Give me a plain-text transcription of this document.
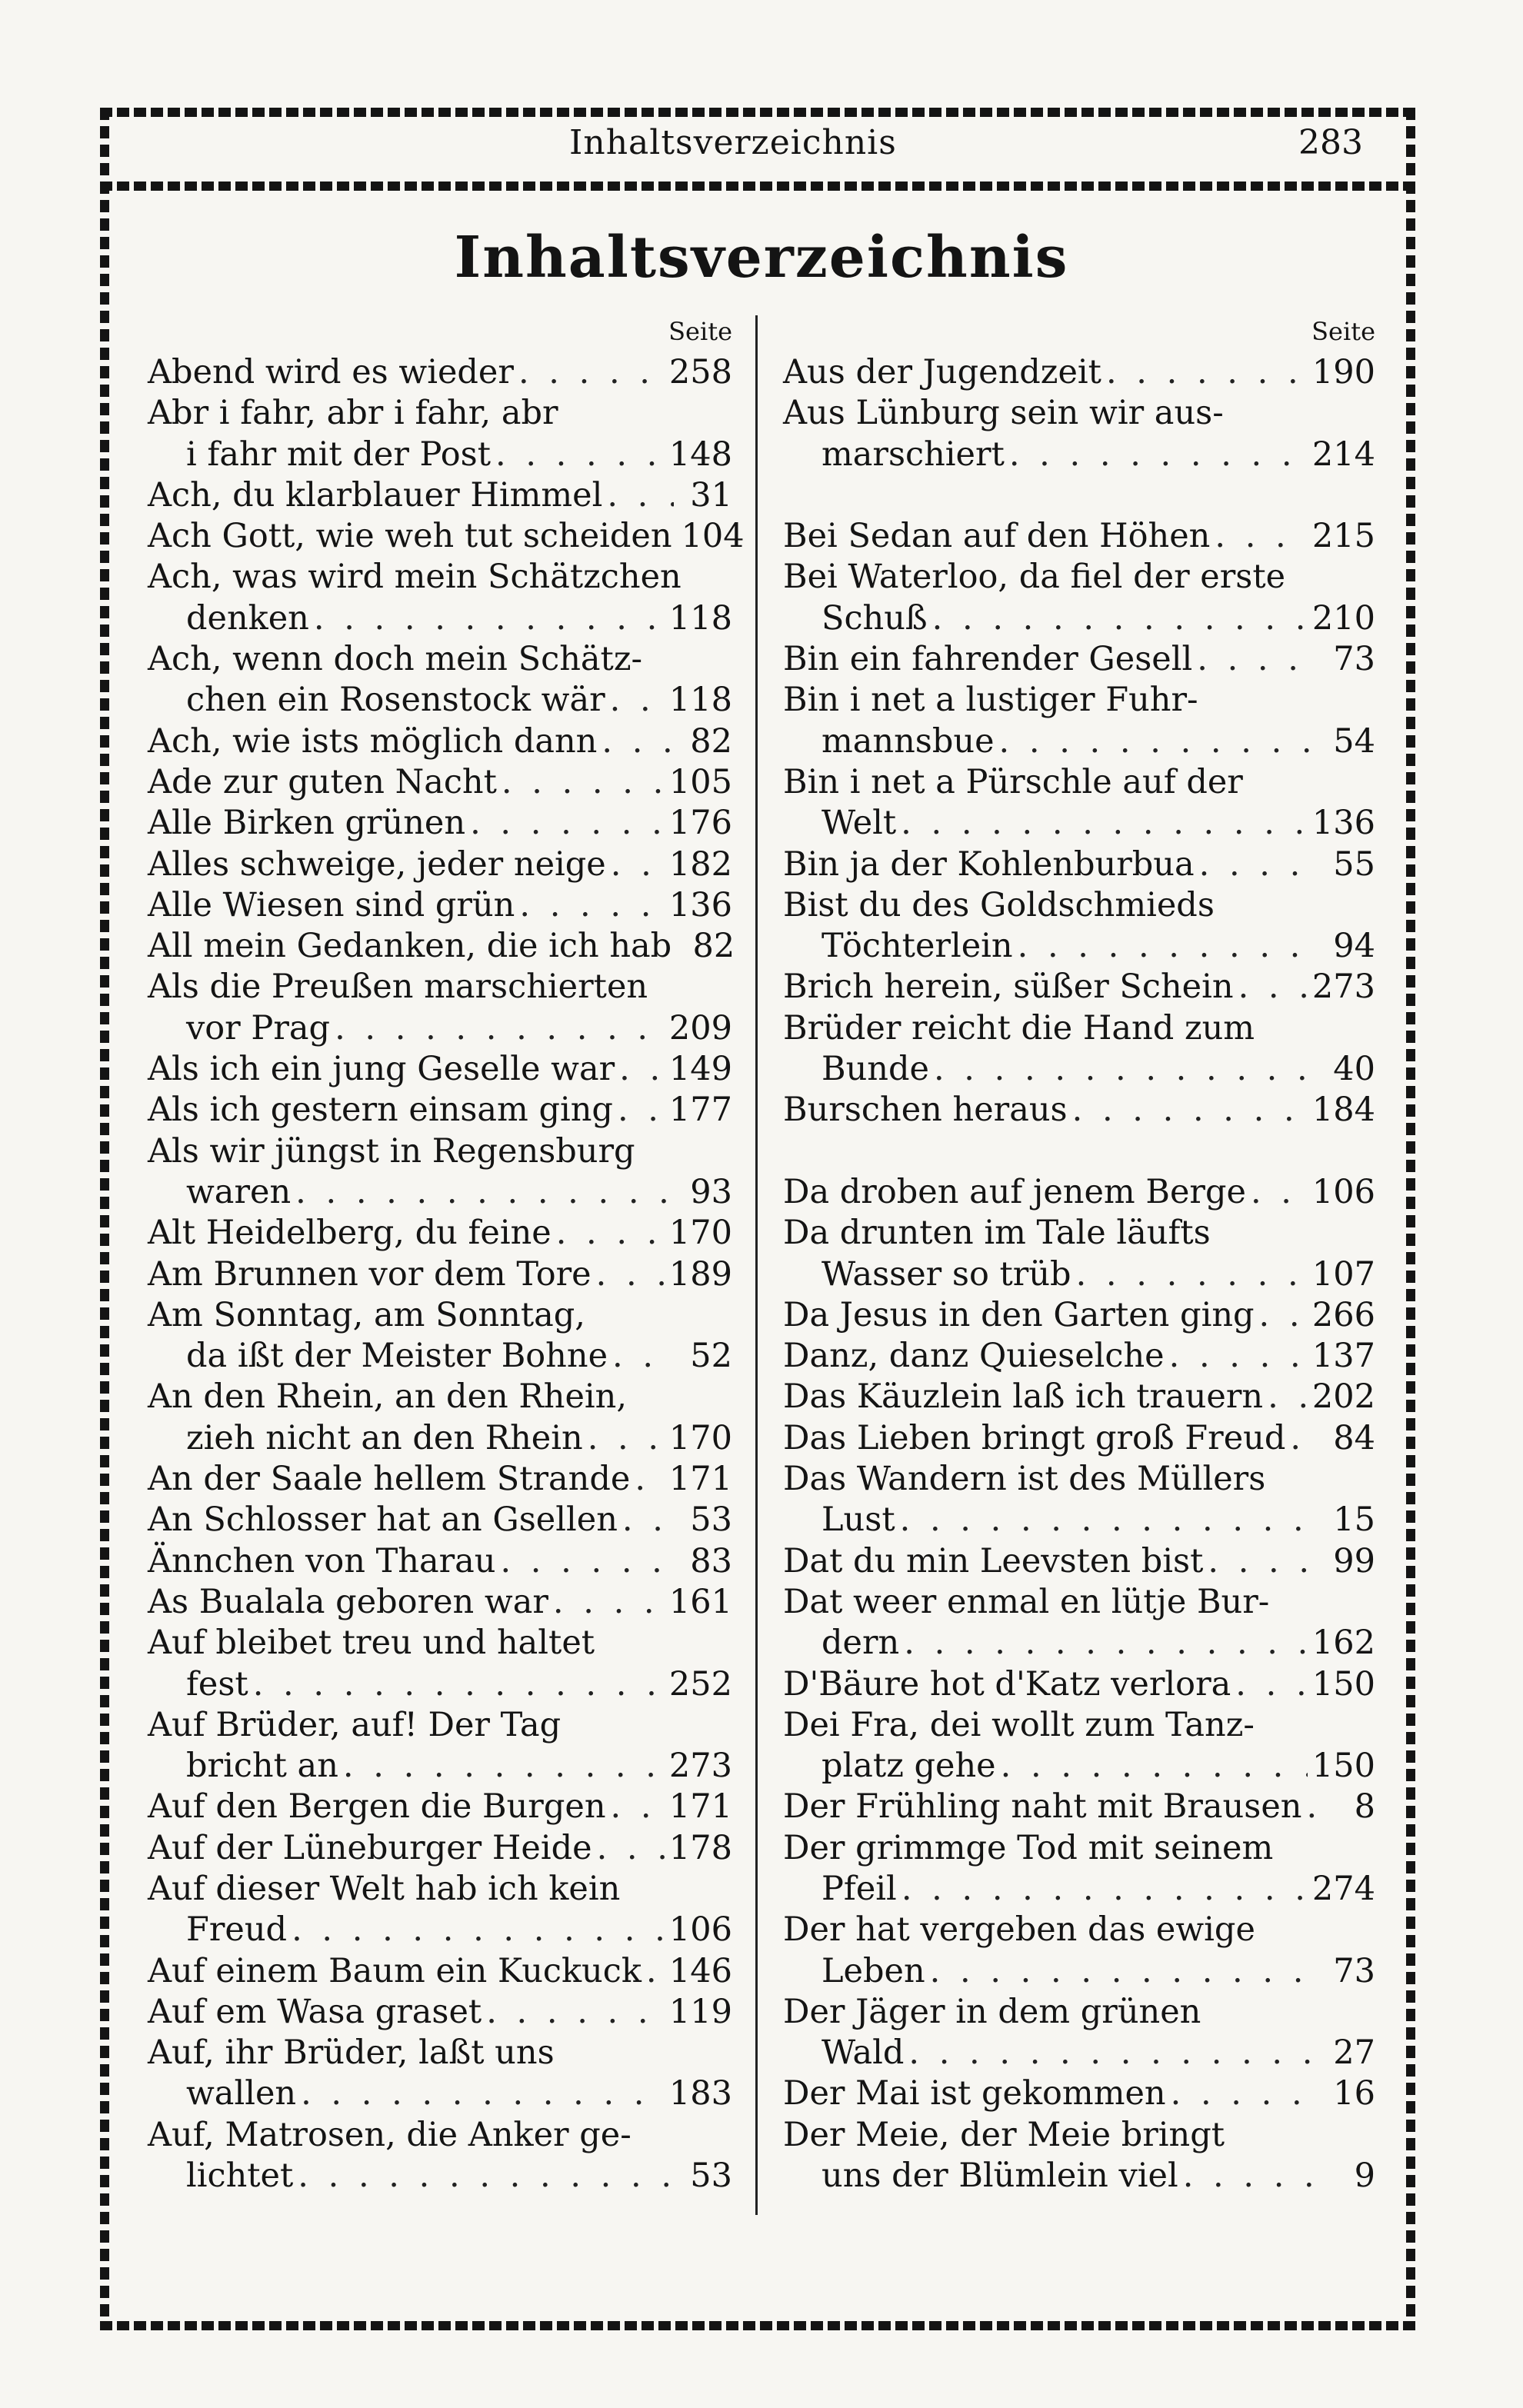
Inhaltsverzeichnis	283
Inhaltsverzeichnis
Seite
Abend wird es wieder . . .	258
Abr i fahr, abr i fahr, abr
i fahr mit der Post . . .	148
Ach, du klarblauer Himmel . . .	31
Ach Gott, wie weh tut scheiden 104
Ach, was wird mein Schätzchen
denken . . .	118
Ach, wenn doch mein Schätz-
chen ein Rosenstock wär . . . 118
Ach, wie ists möglich dann . . .	82
Ade zur guten Nacht . . .	105
Alle Birken grünen . . .	176
Alles schweige, jeder neige . . . 182
Alle Wiesen sind grün . . .	136
All mein Gedanken, die ich hab 82
Als die Preußen marschierten
vor Prag . . .	209
Als ich ein jung Geselle war . . . 149
Als ich gestern einsam ging . . . 177
Als wir jüngst in Regensburg
waren . . .	93
Alt Heidelberg, du feine . . .	170
Am Brunnen vor dem Tore . . . 189
Am Sonntag, am Sonntag,
da ißt der Meister Bohne . . .	52
An den Rhein, an den Rhein,
zieh nicht an den Rhein . . .	170
An der Saale hellem Strande . . . 171
An Schlosser hat an Gsellen . . .	53
Ännchen von Tharau . . .	83
As Bualala geboren war . . .	161
Auf bleibet treu und haltet
fest . . .	252
Auf Brüder, auf! Der Tag
bricht an . . .	273
Auf den Bergen die Burgen . . . 171
Auf der Lüneburger Heide . . . 178
Auf dieser Welt hab ich kein
Freud . . .	106
Auf einem Baum ein Kuckuck . . . 146
Auf em Wasa graset . . .	119
Auf, ihr Brüder, laßt uns
wallen . . .	183
Auf, Matrosen, die Anker ge-
lichtet . . .	53
Seite
Aus der Jugendzeit . . .	190
Aus Lünburg sein wir aus-
marschiert . . .	214
Bei Sedan auf den Höhen . . .	215
Bei Waterloo, da fiel der erste
Schuß . . .	210
Bin ein fahrender Gesell . . .	73
Bin i net a lustiger Fuhr-
mannsbue . . .	54
Bin i net a Pürschle auf der
Welt . . .	136
Bin ja der Kohlenburbua . . .	55
Bist du des Goldschmieds
Töchterlein . . .	94
Brich herein, süßer Schein . . . 273
Brüder reicht die Hand zum
Bunde . . .	40
Burschen heraus . . .	184
Da droben auf jenem Berge . . . 106
Da drunten im Tale läufts
Wasser so trüb . . .	107
Da Jesus in den Garten ging . . . 266
Danz, danz Quieselche . . .	137
Das Käuzlein laß ich trauern . . . 202
Das Lieben bringt groß Freud . . .	84
Das Wandern ist des Müllers
Lust . . .	15
Dat du min Leevsten bist . . .	99
Dat weer enmal en lütje Bur-
dern . . .	162
D'Bäure hot d'Katz verlora . . . 150
Dei Fra, dei wollt zum Tanz-
platz gehe . . .	150
Der Frühling naht mit Brausen . . .	8
Der grimmge Tod mit seinem
Pfeil . . .	274
Der hat vergeben das ewige
Leben . . .	73
Der Jäger in dem grünen
Wald . . .	27
Der Mai ist gekommen . . .	16
Der Meie, der Meie bringt
uns der Blümlein viel . . .	9
